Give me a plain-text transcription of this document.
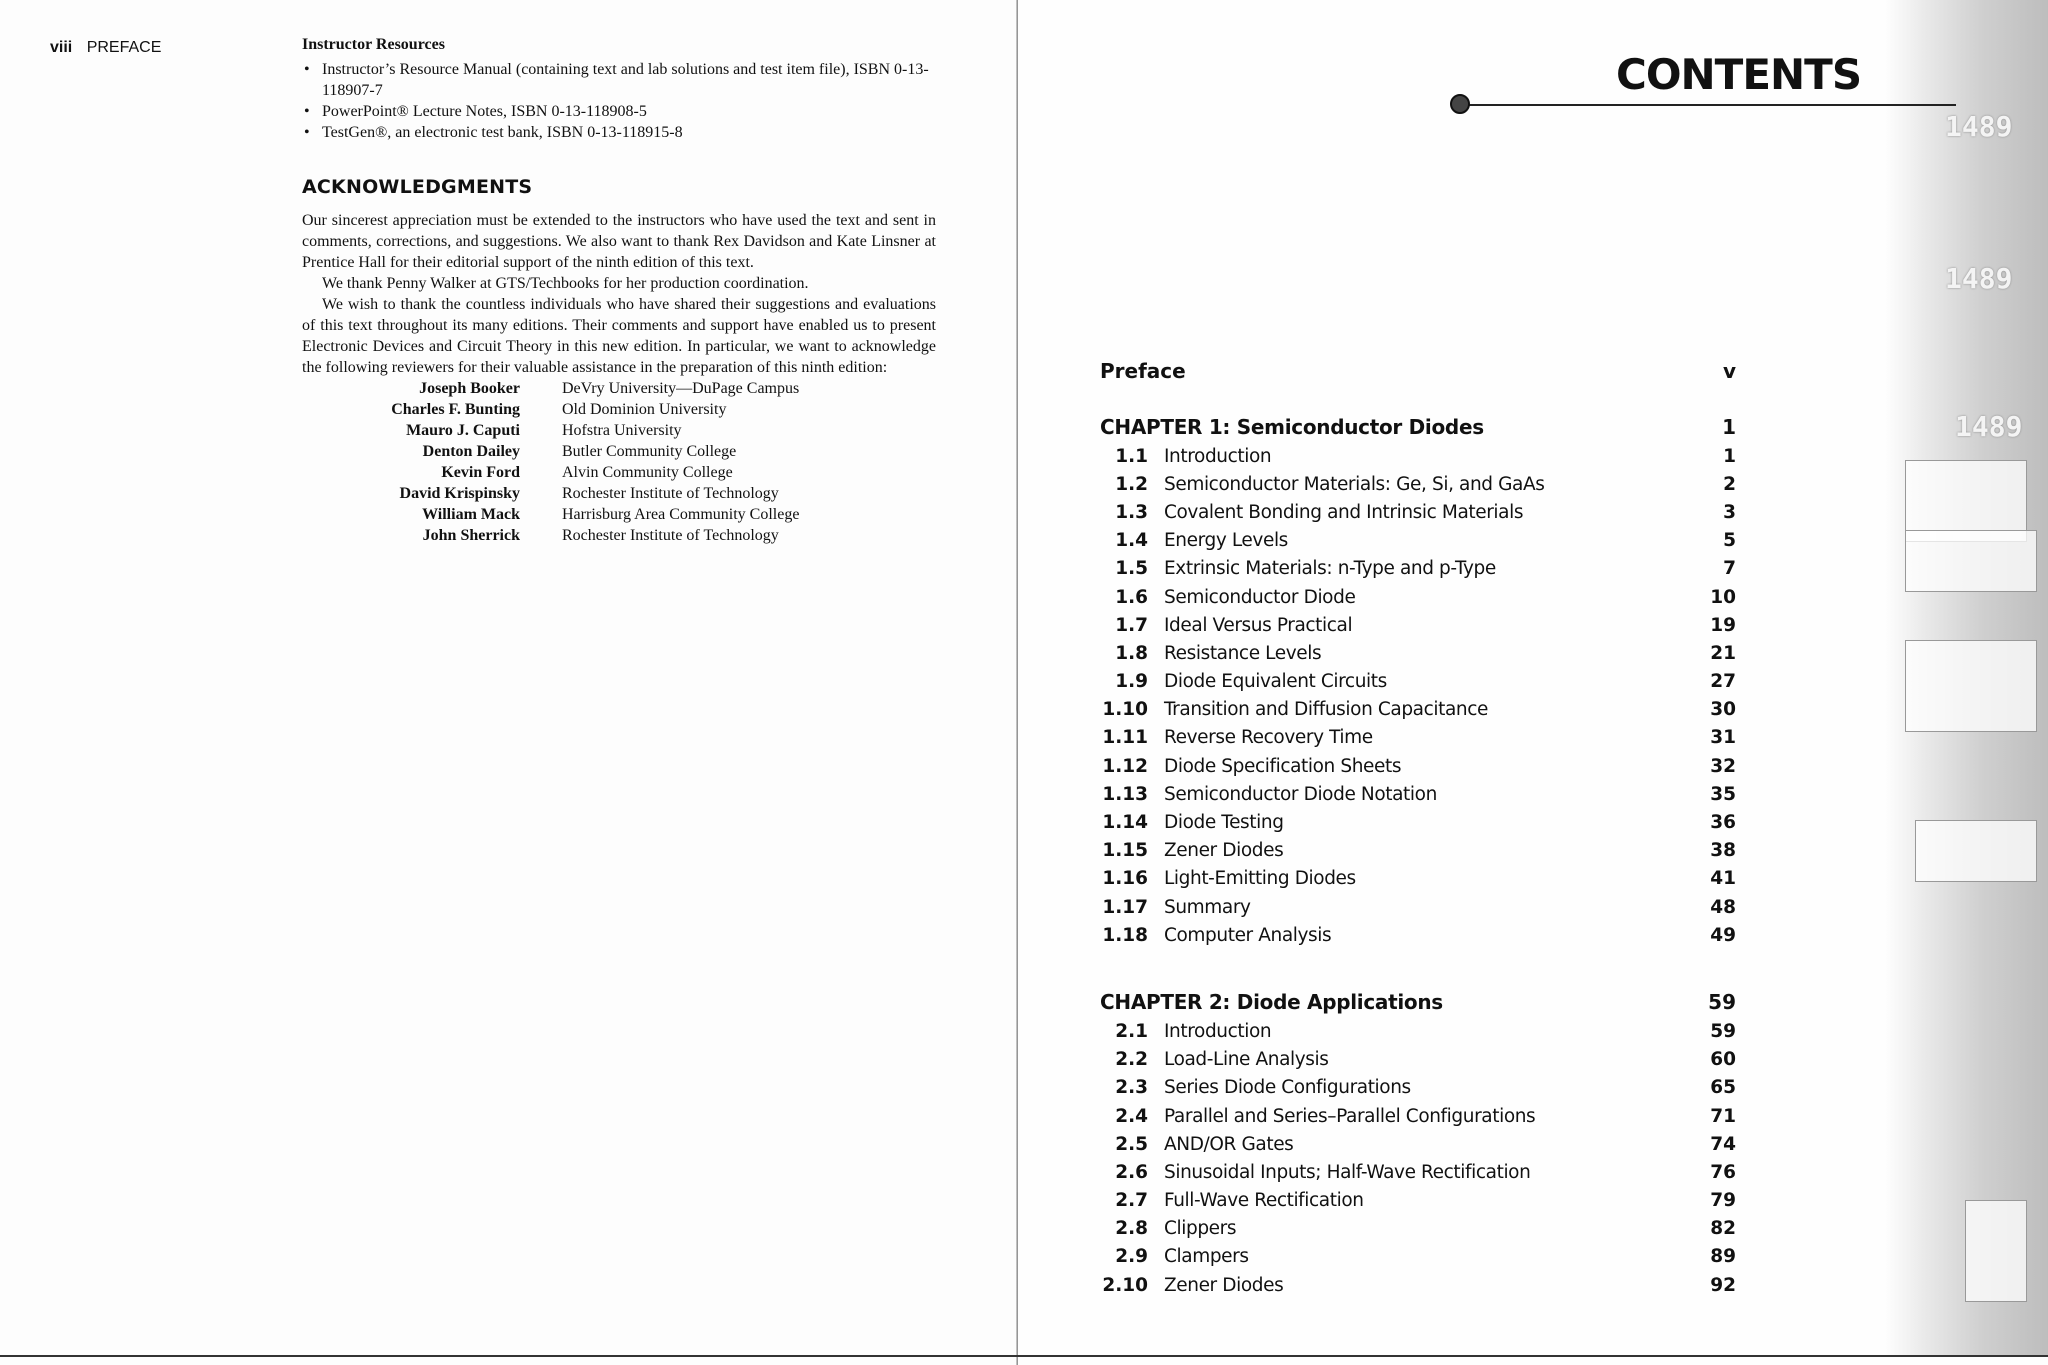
viii PREFACE	Instructor Resources
• Instructor’s Resource Manual (containing text and lab solutions and test item file), ISBN 0-13-118907-7
• PowerPoint® Lecture Notes, ISBN 0-13-118908-5
• TestGen®, an electronic test bank, ISBN 0-13-118915-8
ACKNOWLEDGMENTS

Our sincerest appreciation must be extended to the instructors who have used the text and sent in comments, corrections, and suggestions. We also want to thank Rex Davidson and Kate Linsner at Prentice Hall for their editorial support of the ninth edition of this text.

We thank Penny Walker at GTS/Techbooks for her production coordination.

We wish to thank the countless individuals who have shared their suggestions and evaluations of this text throughout its many editions. Their comments and support have enabled us to present Electronic Devices and Circuit Theory in this new edition. In particular, we want to acknowledge the following reviewers for their valuable assistance in the preparation of this ninth edition:

Joseph Booker	DeVry University—DuPage Campus
Charles F. Bunting	Old Dominion University
Mauro J. Caputi	Hofstra University
Denton Dailey	Butler Community College
Kevin Ford	Alvin Community College
David Krispinsky	Rochester Institute of Technology
William Mack	Harrisburg Area Community College
John Sherrick	Rochester Institute of Technology
1489
1489
1489
CONTENTS
Preface	v
CHAPTER 1: Semiconductor Diodes	1
1.1 Introduction	1
1.2 Semiconductor Materials: Ge, Si, and GaAs	2
1.3 Covalent Bonding and Intrinsic Materials	3
1.4 Energy Levels	5
1.5 Extrinsic Materials: n-Type and p-Type	7
1.6 Semiconductor Diode	10
1.7 Ideal Versus Practical	19
1.8 Resistance Levels	21
1.9 Diode Equivalent Circuits	27
1.10 Transition and Diffusion Capacitance	30
1.11 Reverse Recovery Time	31
1.12 Diode Specification Sheets	32
1.13 Semiconductor Diode Notation	35
1.14 Diode Testing	36
1.15 Zener Diodes	38
1.16 Light-Emitting Diodes	41
1.17 Summary	48
1.18 Computer Analysis	49
CHAPTER 2: Diode Applications	59
2.1 Introduction	59
2.2 Load-Line Analysis	60
2.3 Series Diode Configurations	65
2.4 Parallel and Series–Parallel Configurations	71
2.5 AND/OR Gates	74
2.6 Sinusoidal Inputs; Half-Wave Rectification	76
2.7 Full-Wave Rectification	79
2.8 Clippers	82
2.9 Clampers	89
2.10 Zener Diodes	92
